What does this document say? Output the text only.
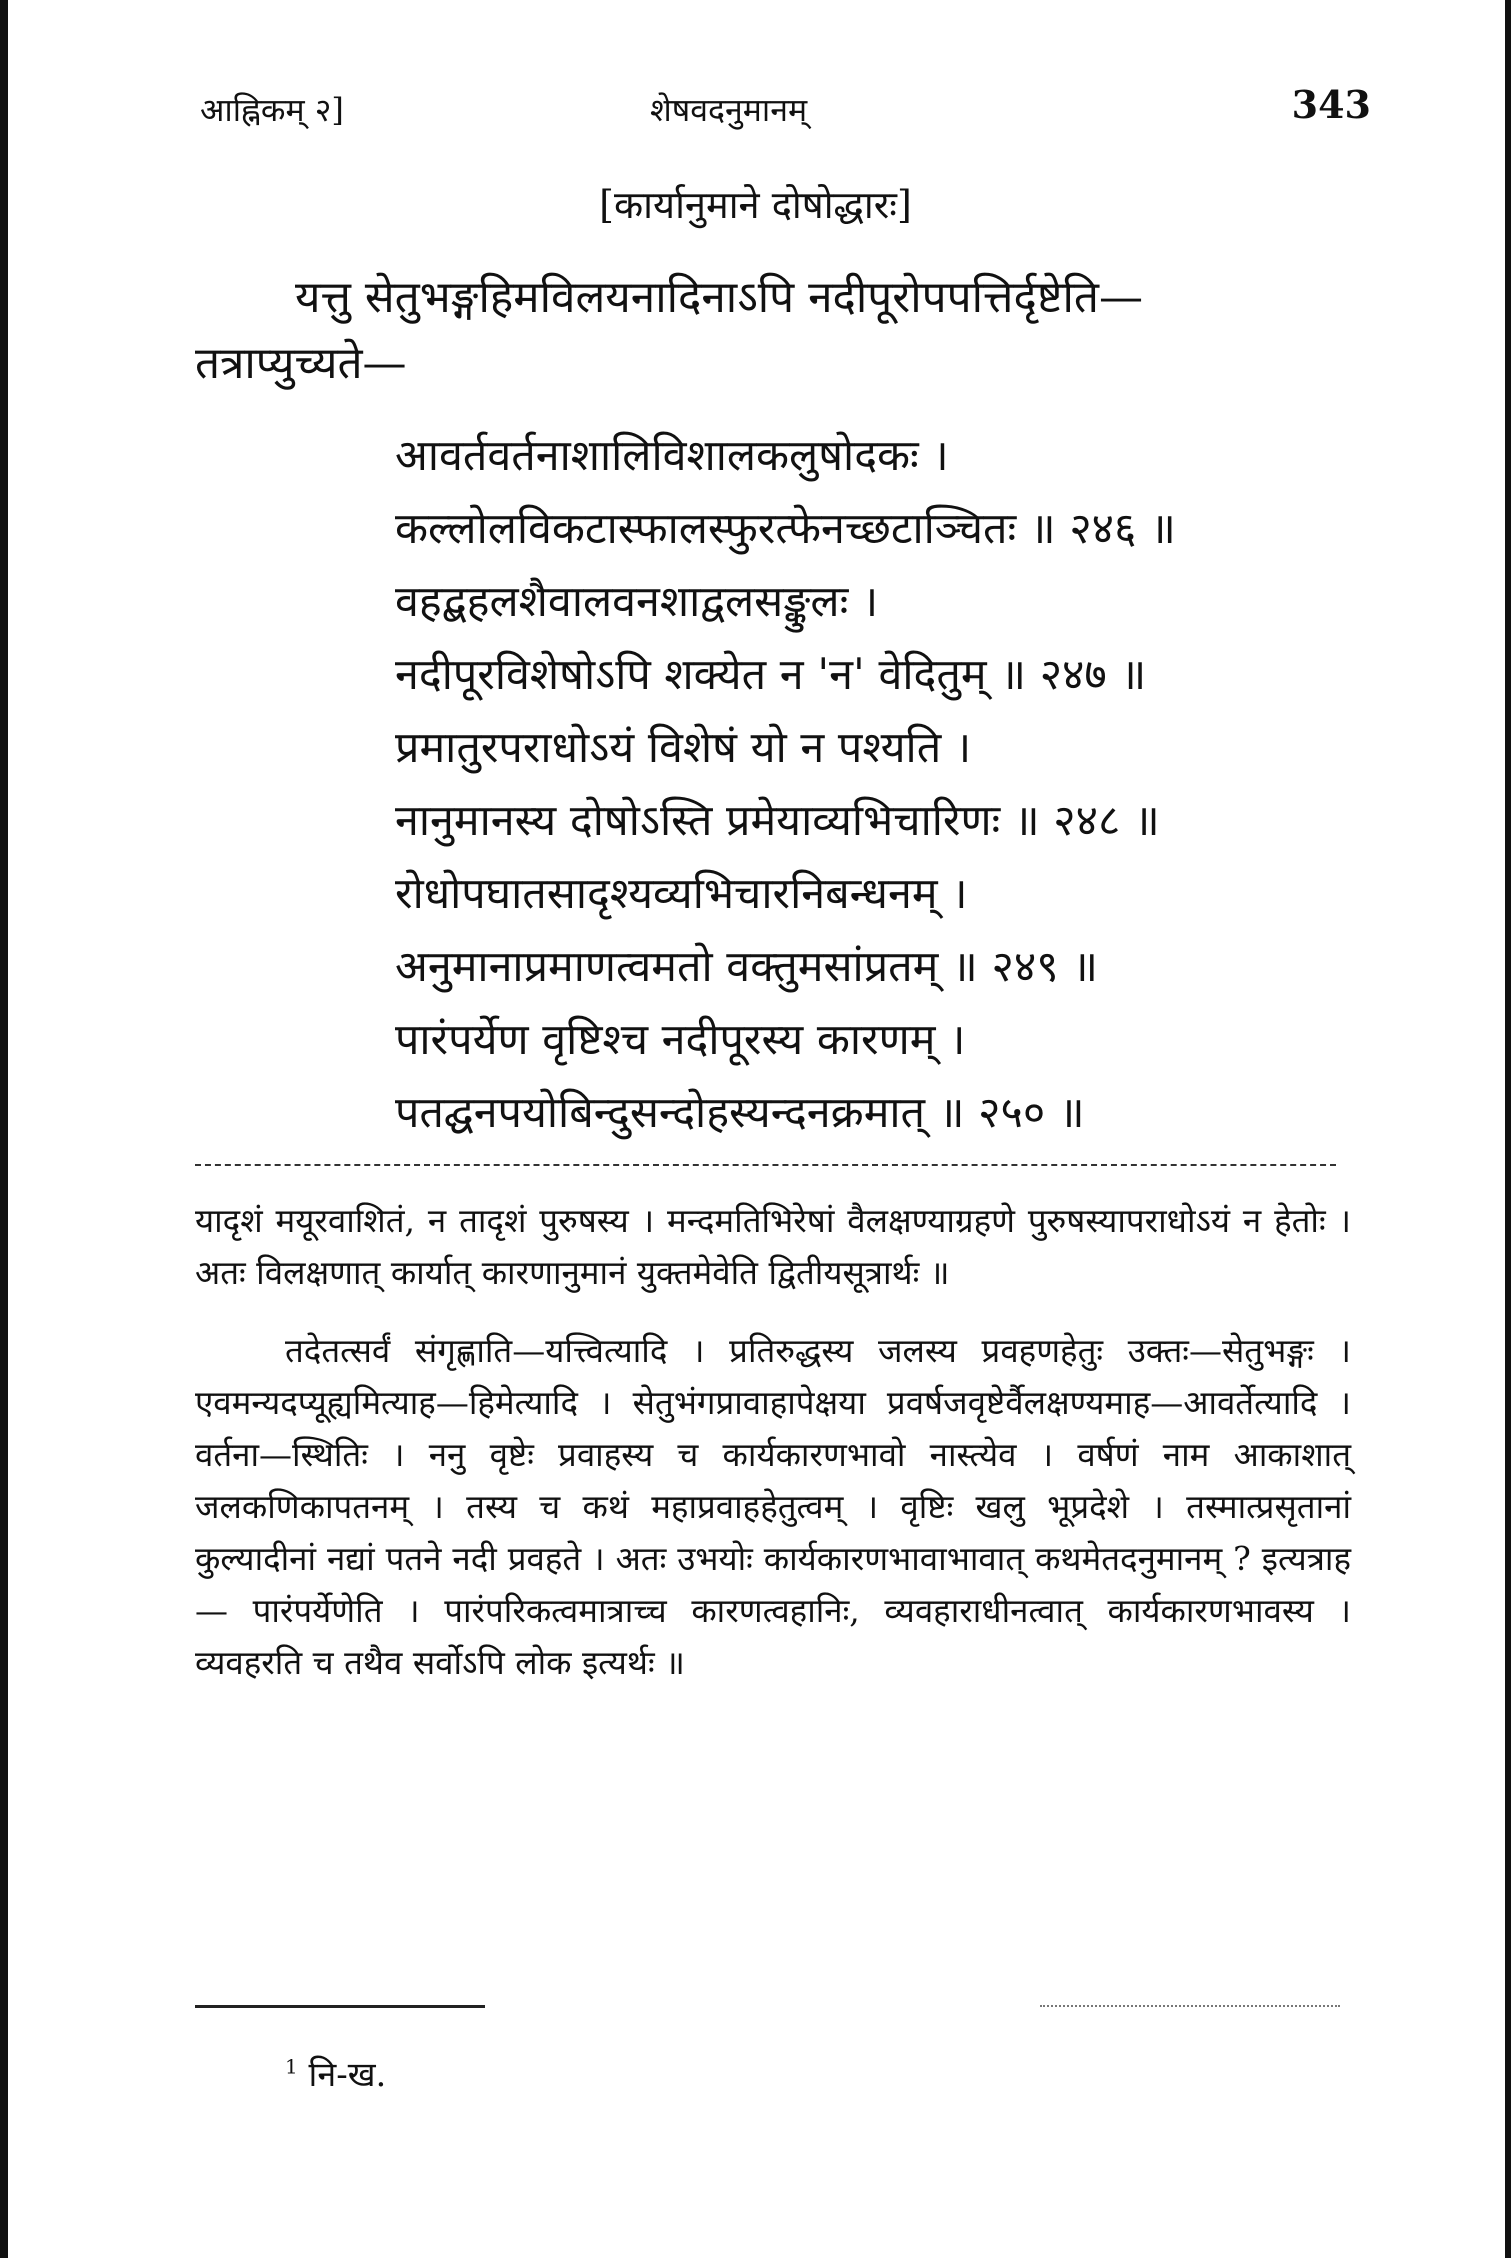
आह्निकम् २]	शेषवदनुमानम्	343
[कार्यानुमाने दोषोद्धारः]

यत्तु सेतुभङ्गहिमविलयनादिनाऽपि नदीपूरोपपत्तिर्दृष्टेति—

तत्राप्युच्यते—

आवर्तवर्तनाशालिविशालकलुषोदकः ।
कल्लोलविकटास्फालस्फुरत्फेनच्छटाञ्चितः ॥ २४६ ॥
वहद्बहलशैवालवनशाद्वलसङ्कुलः ।
नदीपूरविशेषोऽपि शक्येत न 'न' वेदितुम् ॥ २४७ ॥
प्रमातुरपराधोऽयं विशेषं यो न पश्यति ।
नानुमानस्य दोषोऽस्ति प्रमेयाव्यभिचारिणः ॥ २४८ ॥
रोधोपघातसादृश्यव्यभिचारनिबन्धनम् ।
अनुमानाप्रमाणत्वमतो वक्तुमसांप्रतम् ॥ २४९ ॥
पारंपर्येण वृष्टिश्च नदीपूरस्य कारणम् ।
पतद्घनपयोबिन्दुसन्दोहस्यन्दनक्रमात् ॥ २५० ॥

यादृशं मयूरवाशितं, न तादृशं पुरुषस्य । मन्दमतिभिरेषां वैलक्षण्याग्रहणे पुरुषस्यापराधोऽयं न हेतोः । अतः विलक्षणात् कार्यात् कारणानुमानं युक्तमेवेति द्वितीयसूत्रार्थः ॥

तदेतत्सर्वं संगृह्णाति—यत्त्वित्यादि । प्रतिरुद्धस्य जलस्य प्रवहणहेतुः उक्तः—सेतुभङ्गः । एवमन्यदप्यूह्यमित्याह—हिमेत्यादि । सेतुभंगप्रावाहापेक्षया प्रवर्षजवृष्टेर्वैलक्षण्यमाह—आवर्तेत्यादि । वर्तना—स्थितिः । ननु वृष्टेः प्रवाहस्य च कार्यकारणभावो नास्त्येव । वर्षणं नाम आकाशात् जलकणिकापतनम् । तस्य च कथं महाप्रवाहहेतुत्वम् । वृष्टिः खलु भूप्रदेशे । तस्मात्प्रसृतानां कुल्यादीनां नद्यां पतने नदी प्रवहते । अतः उभयोः कार्यकारणभावाभावात् कथमेतदनुमानम् ? इत्यत्राह— पारंपर्येणेति । पारंपरिकत्वमात्राच्च कारणत्वहानिः, व्यवहाराधीनत्वात् कार्यकारणभावस्य । व्यवहरति च तथैव सर्वोऽपि लोक इत्यर्थः ॥

$^1$ नि-ख.
